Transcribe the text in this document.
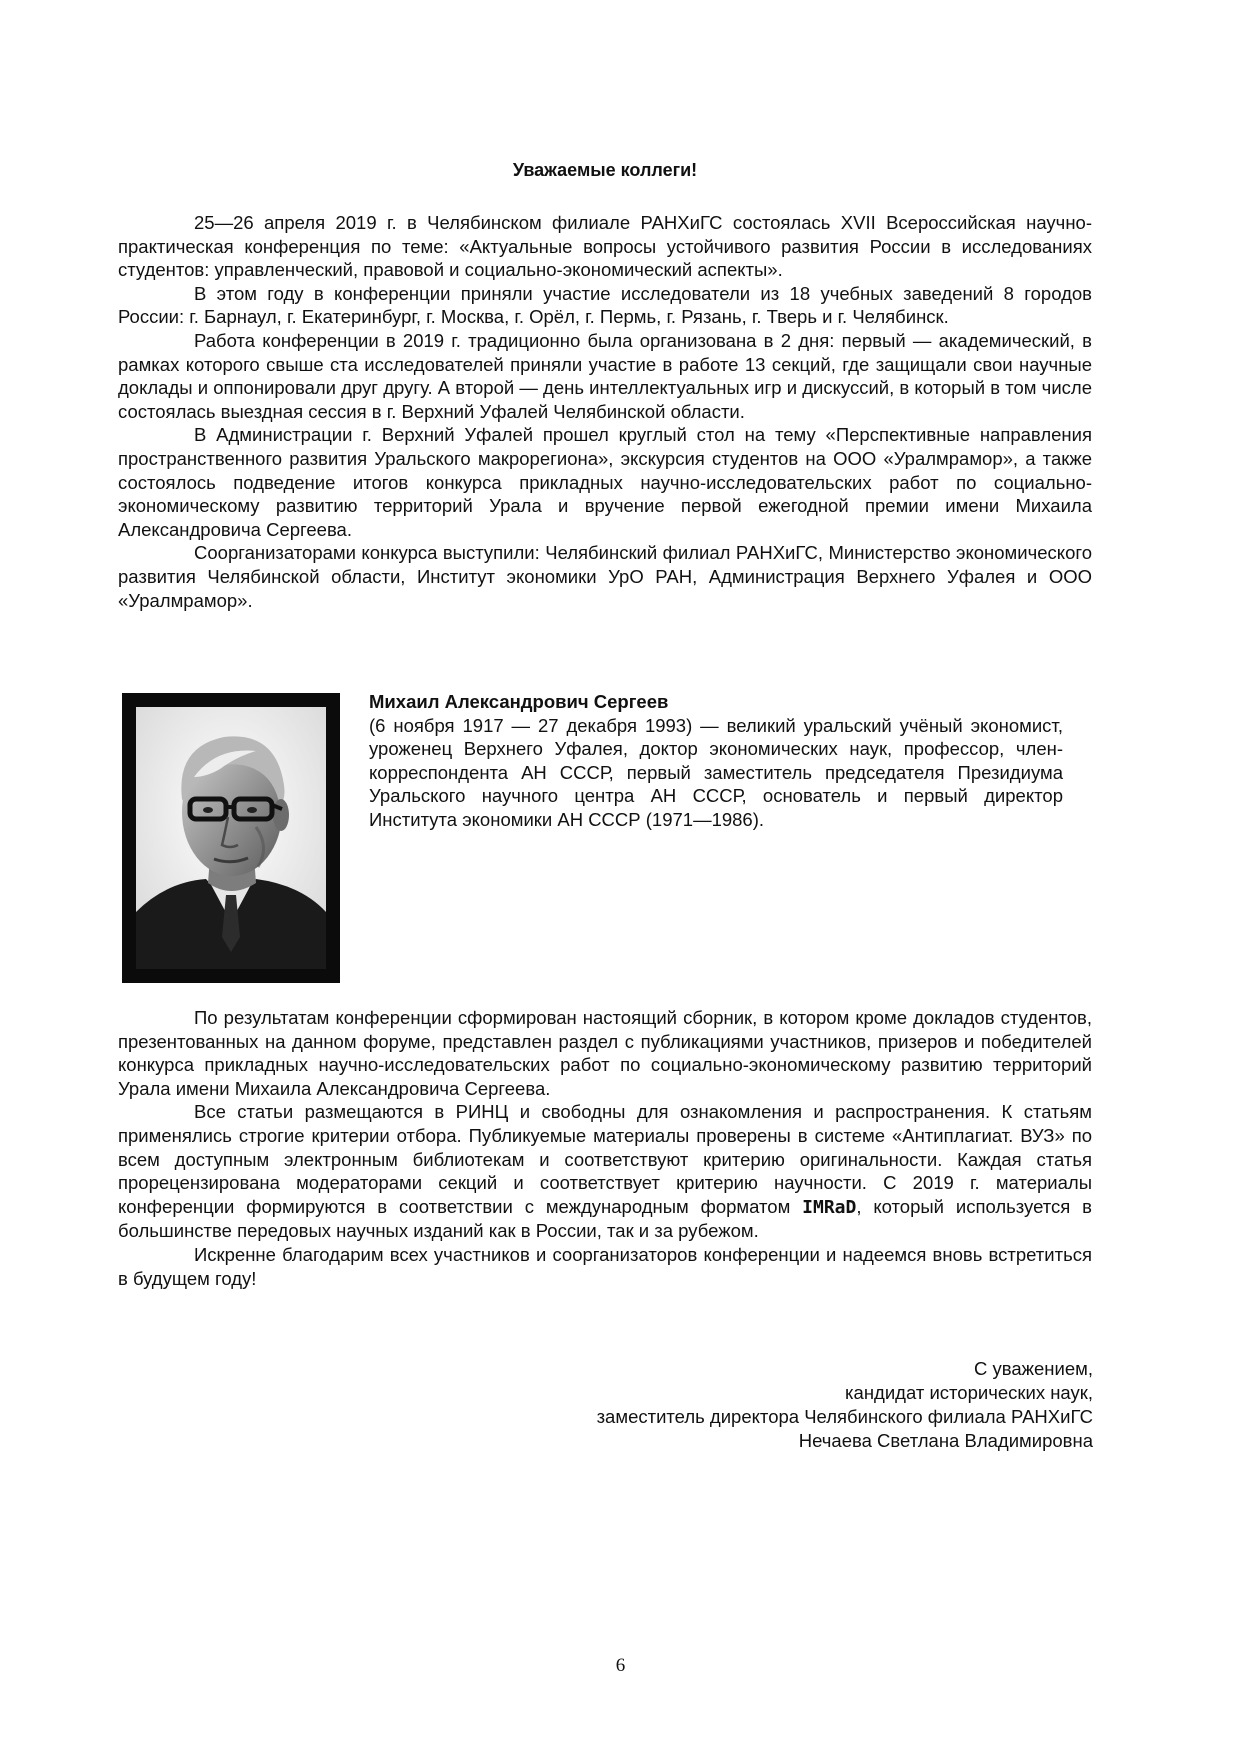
Уважаемые коллеги!

25—26 апреля 2019 г. в Челябинском филиале РАНХиГС состоялась XVII Всероссийская научно-практическая конференция по теме: «Актуальные вопросы устойчивого развития России в исследованиях студентов: управленческий, правовой и социально-экономический аспекты».

В этом году в конференции приняли участие исследователи из 18 учебных заведений 8 городов России: г. Барнаул, г. Екатеринбург, г. Москва, г. Орёл, г. Пермь, г. Рязань, г. Тверь и г. Челябинск.

Работа конференции в 2019 г. традиционно была организована в 2 дня: первый — академический, в рамках которого свыше ста исследователей приняли участие в работе 13 секций, где защищали свои научные доклады и оппонировали друг другу. А второй — день интеллектуальных игр и дискуссий, в который в том числе состоялась выездная сессия в г. Верхний Уфалей Челябинской области.

В Администрации г. Верхний Уфалей прошел круглый стол на тему «Перспективные направления пространственного развития Уральского макрорегиона», экскурсия студентов на ООО «Уралмрамор», а также состоялось подведение итогов конкурса прикладных научно-исследовательских работ по социально-экономическому развитию территорий Урала и вручение первой ежегодной премии имени Михаила Александровича Сергеева.

Соорганизаторами конкурса выступили: Челябинский филиал РАНХиГС, Министерство экономического развития Челябинской области, Институт экономики УрО РАН, Администрация Верхнего Уфалея и ООО «Уралмрамор».

Михаил Александрович Сергеев
(6 ноября 1917 — 27 декабря 1993) — великий уральский учёный экономист, уроженец Верхнего Уфалея, доктор экономических наук, профессор, член-корреспондента АН СССР, первый заместитель председателя Президиума Уральского научного центра АН СССР, основатель и первый директор Института экономики АН СССР (1971—1986).

По результатам конференции сформирован настоящий сборник, в котором кроме докладов студентов, презентованных на данном форуме, представлен раздел с публикациями участников, призеров и победителей конкурса прикладных научно-исследовательских работ по социально-экономическому развитию территорий Урала имени Михаила Александровича Сергеева.

Все статьи размещаются в РИНЦ и свободны для ознакомления и распространения. К статьям применялись строгие критерии отбора. Публикуемые материалы проверены в системе «Антиплагиат. ВУЗ» по всем доступным электронным библиотекам и соответствуют критерию оригинальности. Каждая статья прорецензирована модераторами секций и соответствует критерию научности. С 2019 г. материалы конференции формируются в соответствии с международным форматом IMRaD, который используется в большинстве передовых научных изданий как в России, так и за рубежом.

Искренне благодарим всех участников и соорганизаторов конференции и надеемся вновь встретиться в будущем году!

С уважением,
кандидат исторических наук,
заместитель директора Челябинского филиала РАНХиГС
Нечаева Светлана Владимировна
6
